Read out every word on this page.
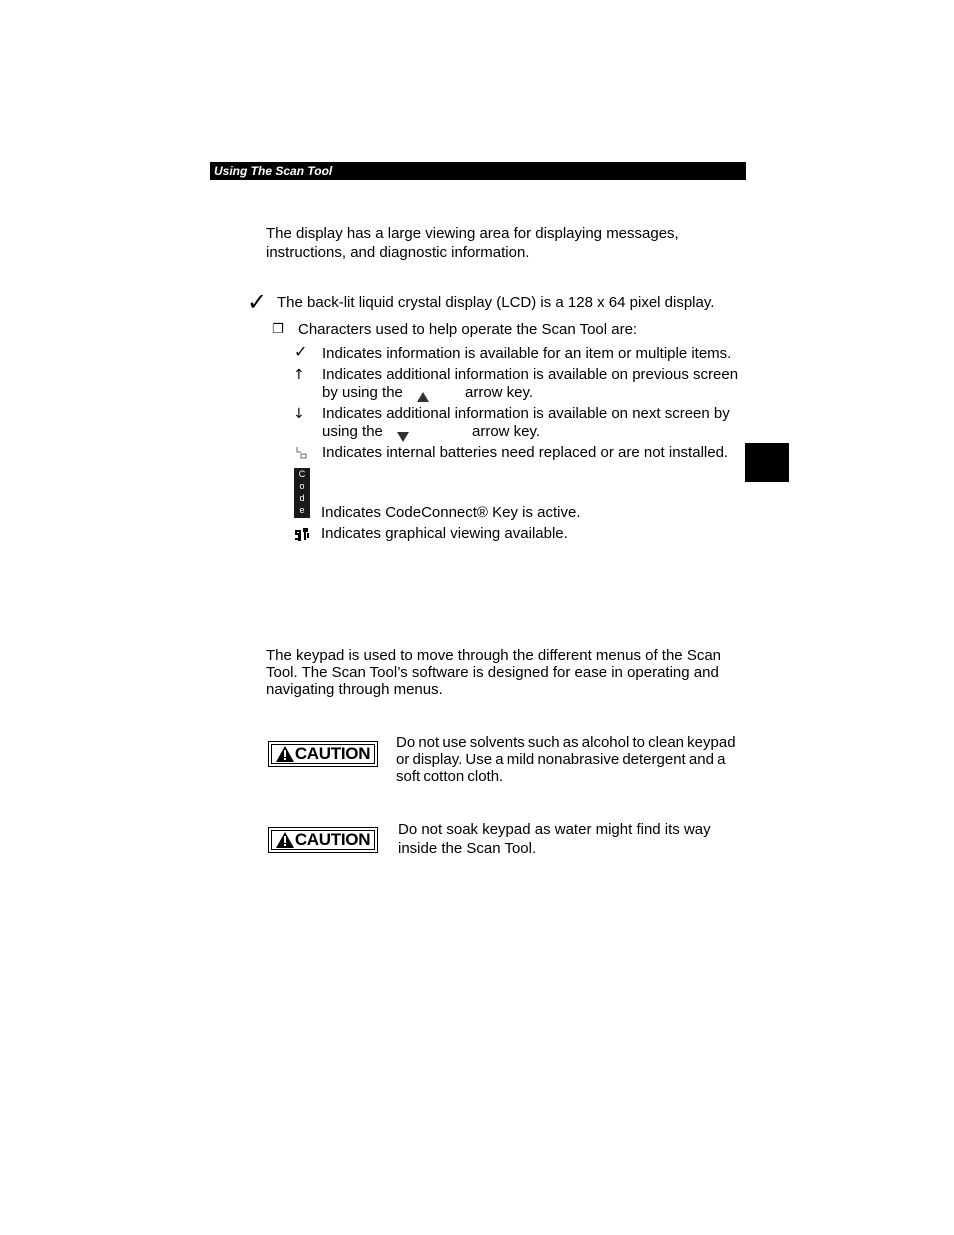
Using The Scan Tool
The display has a large viewing area for displaying messages,
instructions, and diagnostic information.
✓ The back-lit liquid crystal display (LCD) is a 128 x 64 pixel display.
❐ Characters used to help operate the Scan Tool are:
✓ Indicates information is available for an item or multiple items.
↑ Indicates additional information is available on previous screen
by using the	arrow key.
↓ Indicates additional information is available on next screen by
using the	arrow key.
Indicates internal batteries need replaced or are not installed.
C
o
d
e	Indicates CodeConnect® Key is active.
Indicates graphical viewing available.
The keypad is used to move through the different menus of the Scan
Tool. The Scan Tool’s software is designed for ease in operating and
navigating through menus.
CAUTION
Do not use solvents such as alcohol to clean keypad
or display. Use a mild nonabrasive detergent and a
soft cotton cloth.
CAUTION
Do not soak keypad as water might find its way
inside the Scan Tool.
